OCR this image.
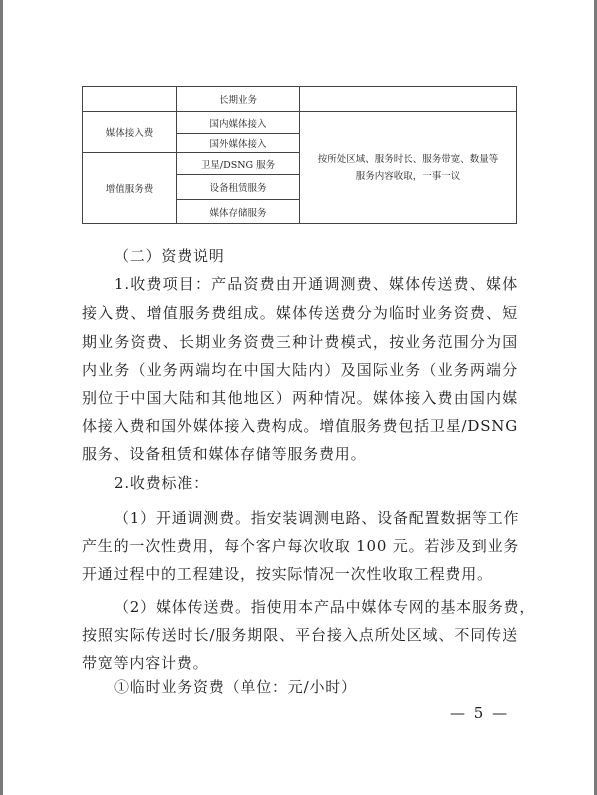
	长期业务	
媒体接入费	国内媒体接入	按所处区域、服务时长、服务带宽、数量等
服务内容收取，一事一议

	国外媒体接入	
增值服务费	卫星/DSNG 服务	
	设备租赁服务	
	媒体存储服务	
（二）资费说明
1.收费项目：产品资费由开通调测费、媒体传送费、媒体
接入费、增值服务费组成。媒体传送费分为临时业务资费、短
期业务资费、长期业务资费三种计费模式，按业务范围分为国
内业务（业务两端均在中国大陆内）及国际业务（业务两端分
别位于中国大陆和其他地区）两种情况。媒体接入费由国内媒
体接入费和国外媒体接入费构成。增值服务费包括卫星/DSNG
服务、设备租赁和媒体存储等服务费用。
2.收费标准：
（1）开通调测费。指安装调测电路、设备配置数据等工作
产生的一次性费用，每个客户每次收取 100 元。若涉及到业务
开通过程中的工程建设，按实际情况一次性收取工程费用。
（2）媒体传送费。指使用本产品中媒体专网的基本服务费，
按照实际传送时长/服务期限、平台接入点所处区域、不同传送
带宽等内容计费。
①临时业务资费（单位：元/小时）
— 5 —
